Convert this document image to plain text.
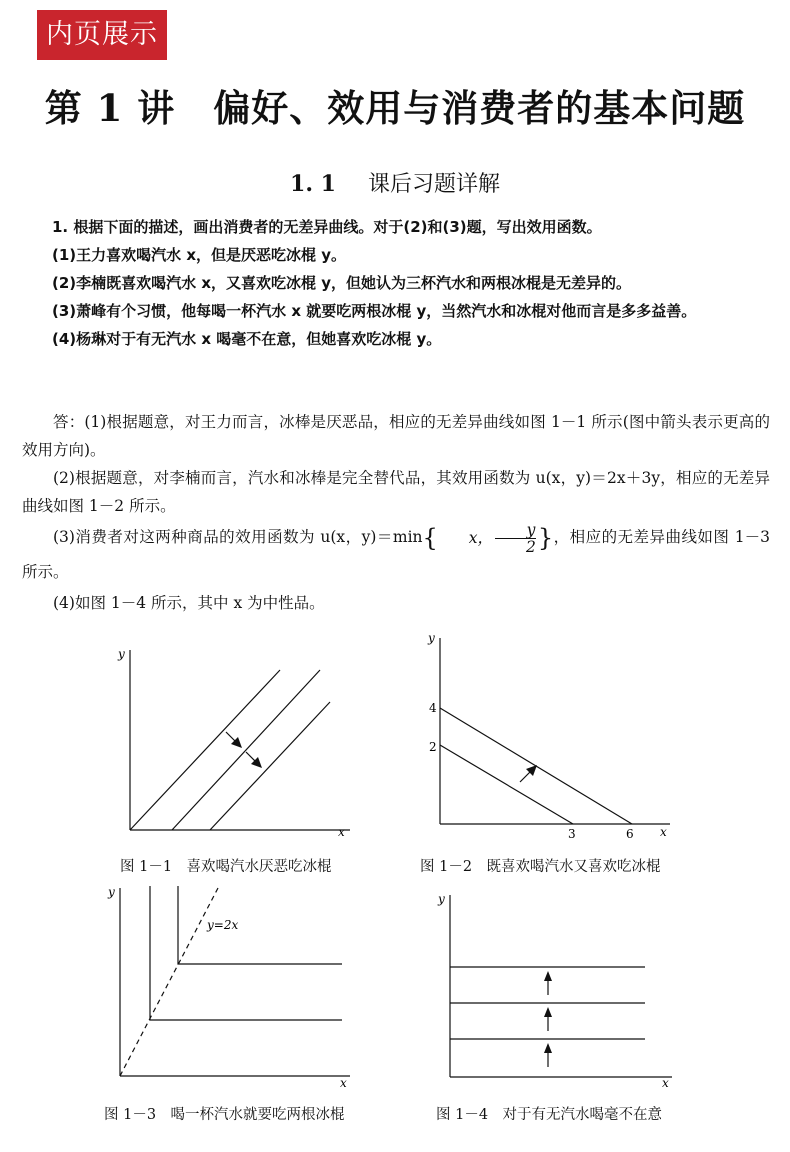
内页展示
第 1 讲　偏好、效用与消费者的基本问题
1. 1 课后习题详解

1. 根据下面的描述，画出消费者的无差异曲线。对于(2)和(3)题，写出效用函数。

(1)王力喜欢喝汽水 x，但是厌恶吃冰棍 y。

(2)李楠既喜欢喝汽水 x，又喜欢吃冰棍 y，但她认为三杯汽水和两根冰棍是无差异的。

(3)萧峰有个习惯，他每喝一杯汽水 x 就要吃两根冰棍 y，当然汽水和冰棍对他而言是多多益善。

(4)杨琳对于有无汽水 x 喝毫不在意，但她喜欢吃冰棍 y。

答：(1)根据题意，对王力而言，冰棒是厌恶品，相应的无差异曲线如图 1－1 所示(图中箭头表示更高的效用方向)。

(2)根据题意，对李楠而言，汽水和冰棒是完全替代品，其效用函数为 u(x，y)＝2x＋3y，相应的无差异曲线如图 1－2 所示。

(3)消费者对这两种商品的效用函数为 u(x，y)＝min{ x， $\frac{y}{2}$ }，相应的无差异曲线如图 1－3 所示。

(4)如图 1－4 所示，其中 x 为中性品。

y
x
图 1－1　喜欢喝汽水厌恶吃冰棍
y
x
4
2
3	6
图 1－2　既喜欢喝汽水又喜欢吃冰棍
y
x
y=2x
图 1－3　喝一杯汽水就要吃两根冰棍
y
x
图 1－4　对于有无汽水喝毫不在意
